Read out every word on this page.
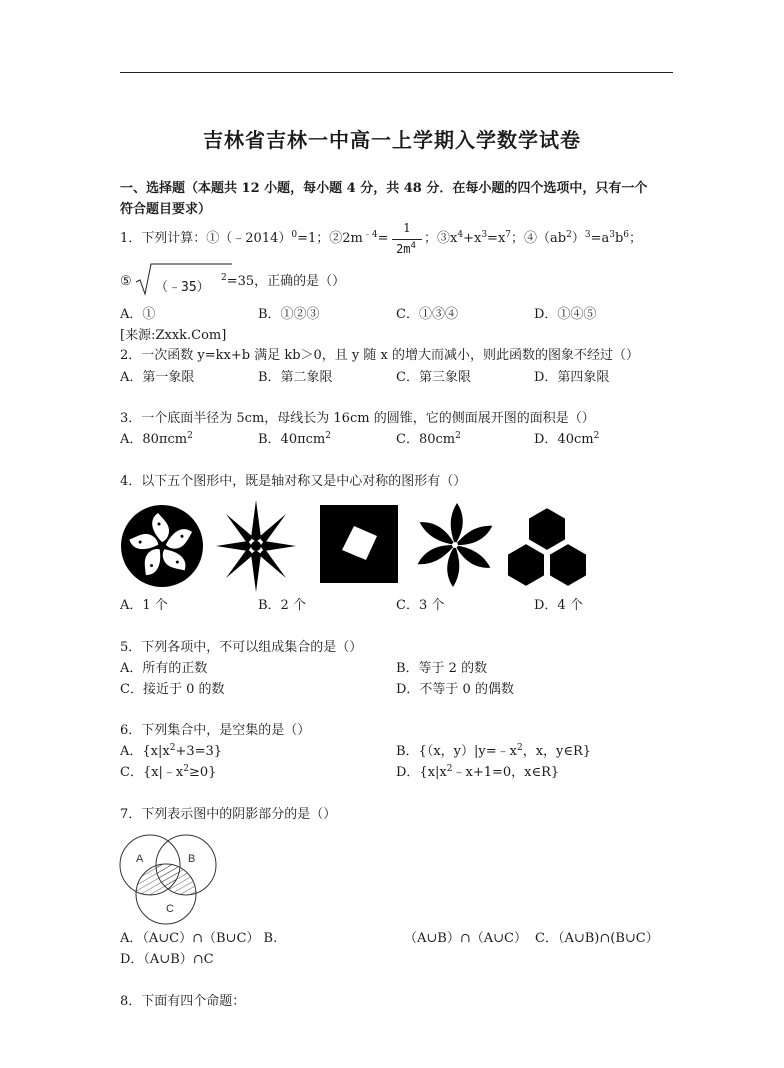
吉林省吉林一中高一上学期入学数学试卷
一、选择题（本题共 12 小题，每小题 4 分，共 48 分．在每小题的四个选项中，只有一个
符合题目要求）
1．下列计算：①（﹣2014）$^0$=1；$②2m^{﹣4}=$
1
$2m^4$ ；$③x^4+x^3=x^7$；$④(ab^2)^3=a^3b^6$；
⑤ （﹣35）
$^2$=35，正确的是（）
A．①	B．①②③	C．①③④	D．①④⑤
[来源:Zxxk.Com]
2．一次函数 y=kx+b 满足 kb＞0，且 y 随 x 的增大而减小，则此函数的图象不经过（）
A．第一象限	B．第二象限	C．第三象限	D．第四象限
3．一个底面半径为 5cm，母线长为 16cm 的圆锥，它的侧面展开图的面积是（）
A．80πcm$^2$	B．40πcm$^2$	C．$80cm^2$	D．$40cm^2$
4．以下五个图形中，既是轴对称又是中心对称的图形有（）
A．1 个	B．2 个	C．3 个	D．4 个
5．下列各项中，不可以组成集合的是（）
A．所有的正数	B．等于 2 的数
C．接近于 0 的数	D．不等于 0 的偶数
6．下列集合中，是空集的是（）
A．$\{x|x^2+3=3\}$	B．{（x，$y)|y=﹣x^2$，x，y∈R}
C．$\{x|﹣x^2\ge 0\}$	D．{$x|x^2﹣x+1=0$，x∈R}
7．下列表示图中的阴影部分的是（）
A	B
C
A．（A∪C）∩（B∪C） B.	（A∪B）∩（A∪C） C．（A∪B)∩(B∪C）
D．（A∪B）∩C
8．下面有四个命题：
